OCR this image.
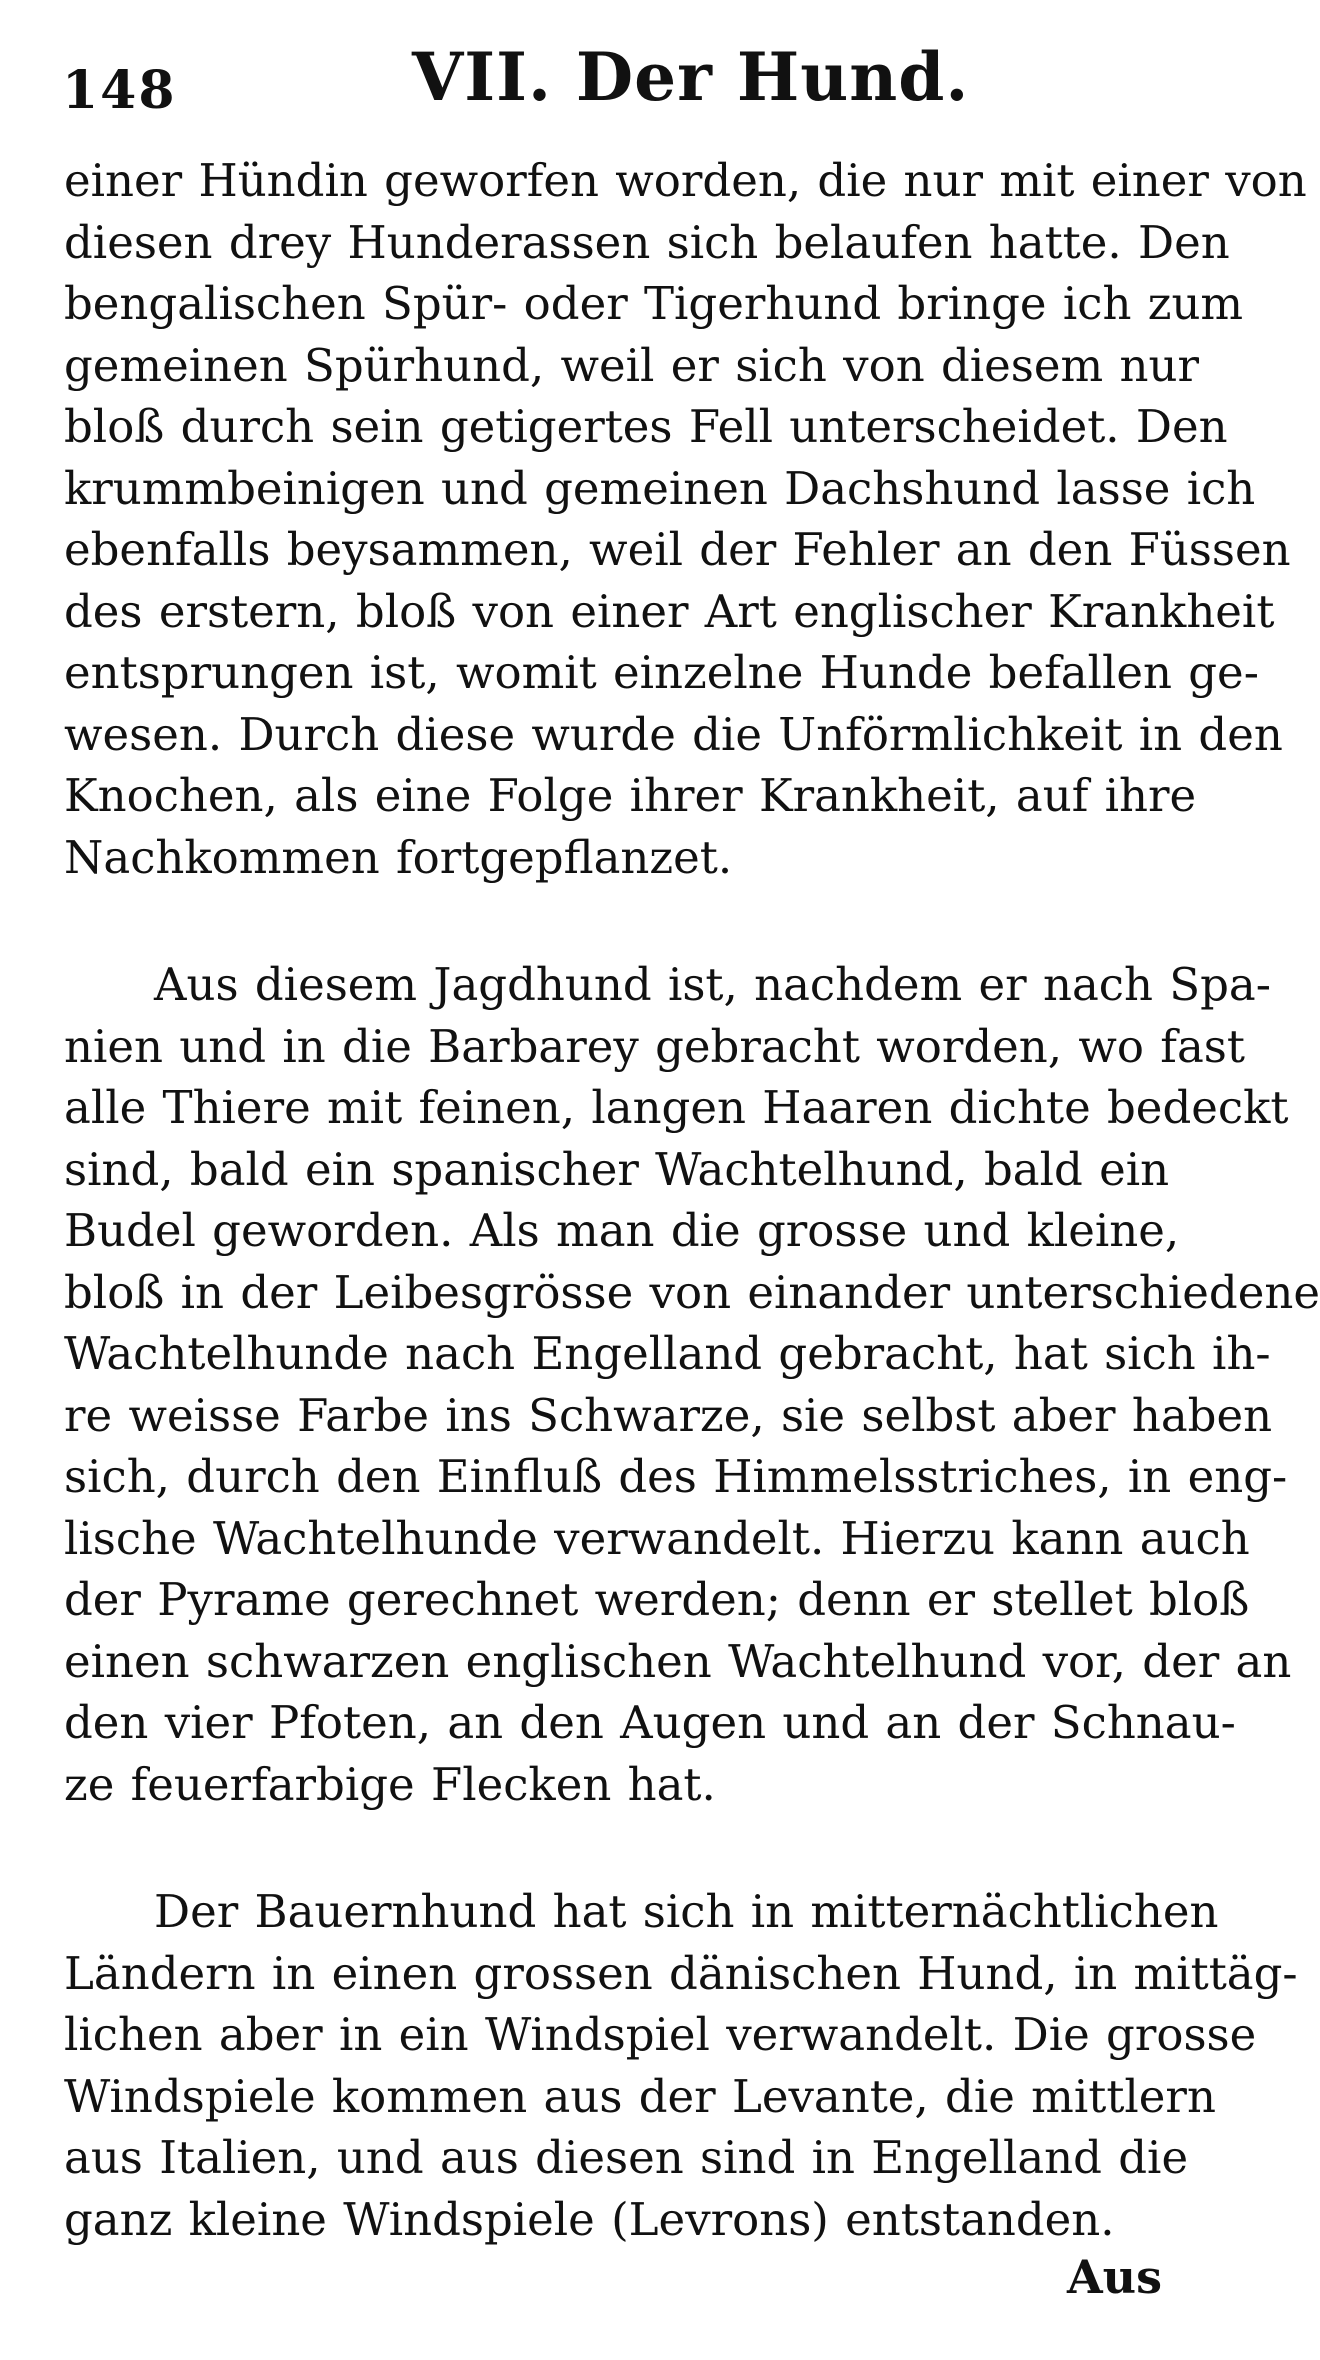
148	VII. Der Hund.
einer Hündin geworfen worden, die nur mit einer von
diesen drey Hunderassen sich belaufen hatte. Den
bengalischen Spür- oder Tigerhund bringe ich zum
gemeinen Spürhund, weil er sich von diesem nur
bloß durch sein getigertes Fell unterscheidet. Den
krummbeinigen und gemeinen Dachshund lasse ich
ebenfalls beysammen, weil der Fehler an den Füssen
des erstern, bloß von einer Art englischer Krankheit
entsprungen ist, womit einzelne Hunde befallen ge-
wesen. Durch diese wurde die Unförmlichkeit in den
Knochen, als eine Folge ihrer Krankheit, auf ihre
Nachkommen fortgepflanzet.
Aus diesem Jagdhund ist, nachdem er nach Spa-
nien und in die Barbarey gebracht worden, wo fast
alle Thiere mit feinen, langen Haaren dichte bedeckt
sind, bald ein spanischer Wachtelhund, bald ein
Budel geworden. Als man die grosse und kleine,
bloß in der Leibesgrösse von einander unterschiedene
Wachtelhunde nach Engelland gebracht, hat sich ih-
re weisse Farbe ins Schwarze, sie selbst aber haben
sich, durch den Einfluß des Himmelsstriches, in eng-
lische Wachtelhunde verwandelt. Hierzu kann auch
der Pyrame gerechnet werden; denn er stellet bloß
einen schwarzen englischen Wachtelhund vor, der an
den vier Pfoten, an den Augen und an der Schnau-
ze feuerfarbige Flecken hat.
Der Bauernhund hat sich in mitternächtlichen
Ländern in einen grossen dänischen Hund, in mittäg-
lichen aber in ein Windspiel verwandelt. Die grosse
Windspiele kommen aus der Levante, die mittlern
aus Italien, und aus diesen sind in Engelland die
ganz kleine Windspiele (Levrons) entstanden.
Aus
